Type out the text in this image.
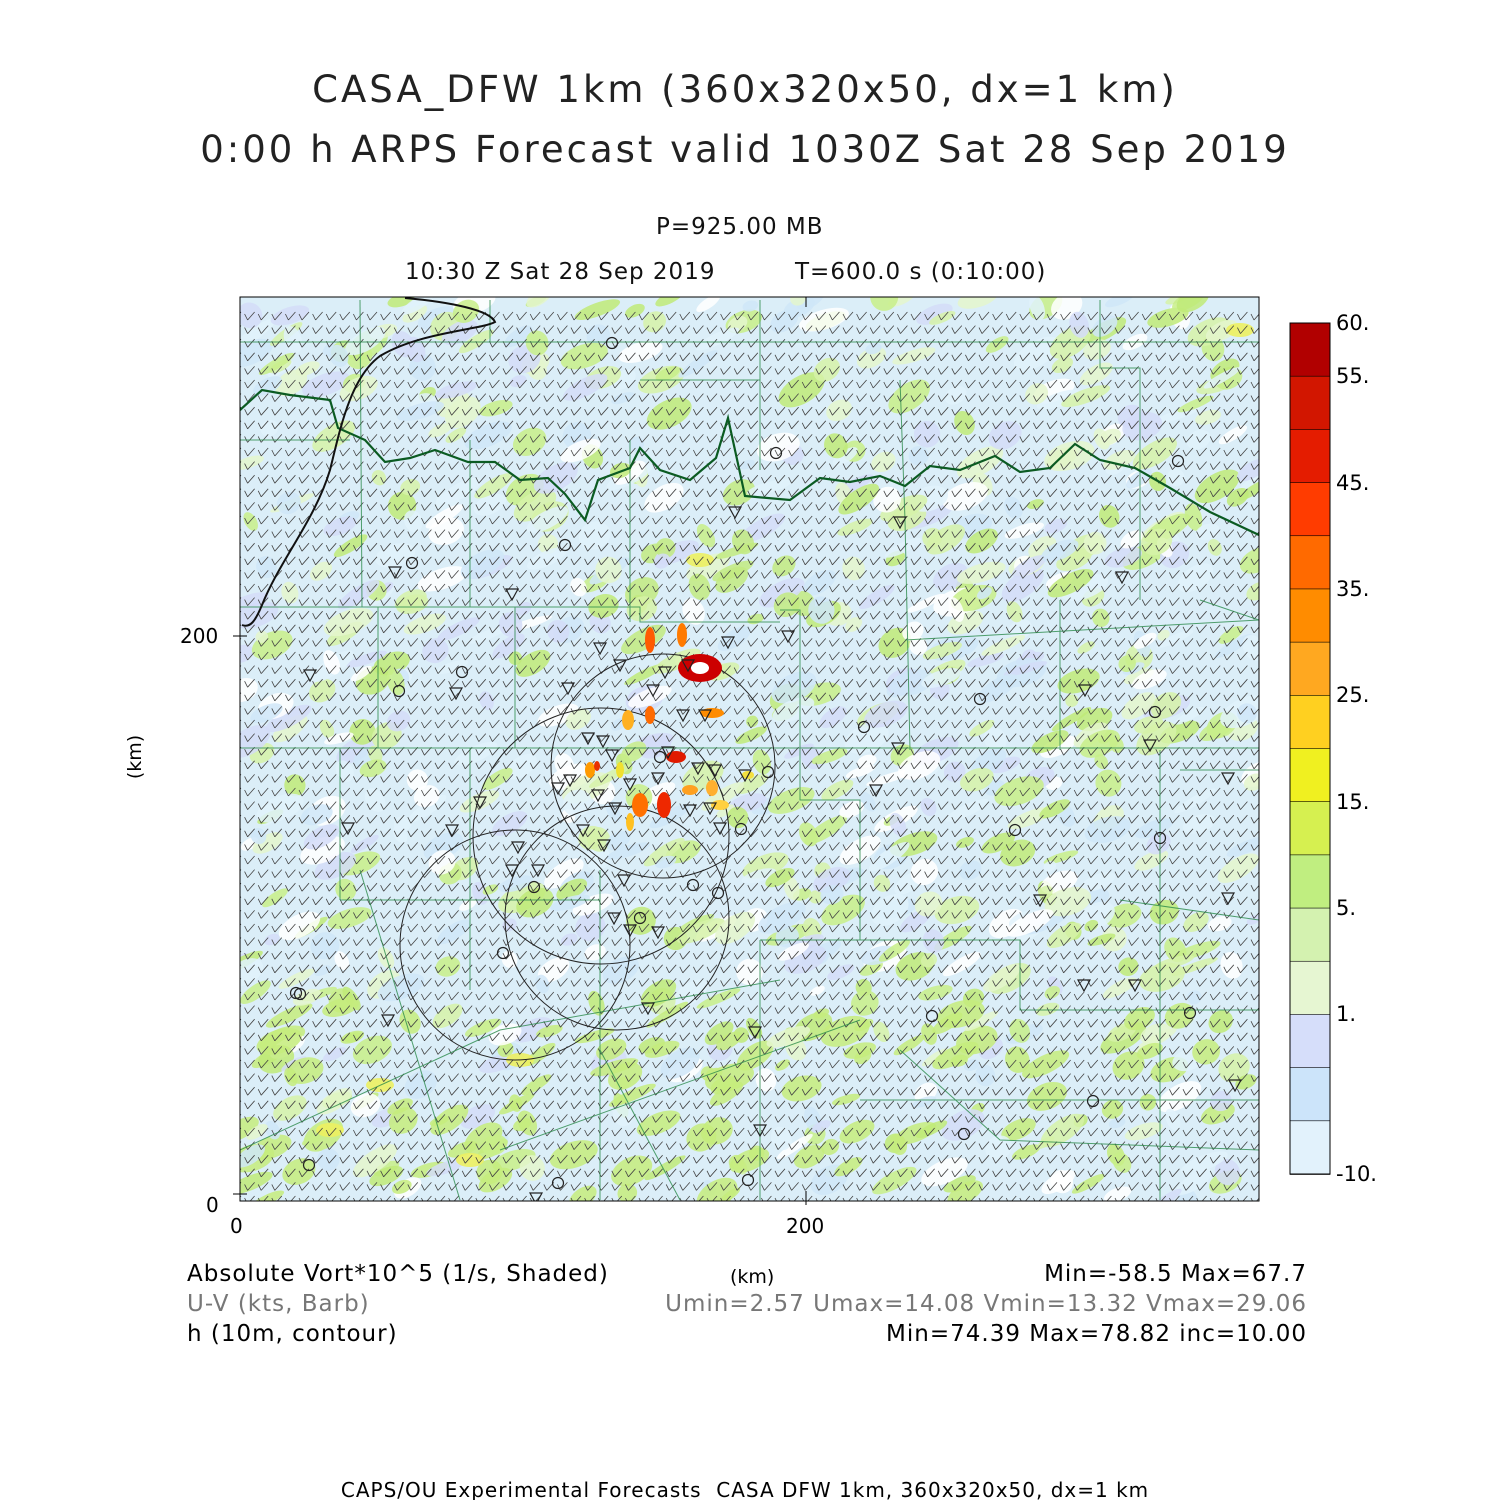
CASA_DFW 1km (360x320x50, dx=1 km)
0:00 h ARPS Forecast valid 1030Z Sat 28 Sep 2019
P=925.00 MB
10:30 Z Sat 28 Sep 2019	T=600.0 s (0:10:00)
200
0
0	200
(km)
(km)
60.
55.
45.
35.
25.
15.
5.
1.
-10.
Absolute Vort*10^5 (1/s, Shaded)
U-V (kts, Barb)
h (10m, contour)
Min=-58.5 Max=67.7
Umin=2.57 Umax=14.08 Vmin=13.32 Vmax=29.06
Min=74.39 Max=78.82 inc=10.00
CAPS/OU Experimental Forecasts  CASA DFW 1km, 360x320x50, dx=1 km
